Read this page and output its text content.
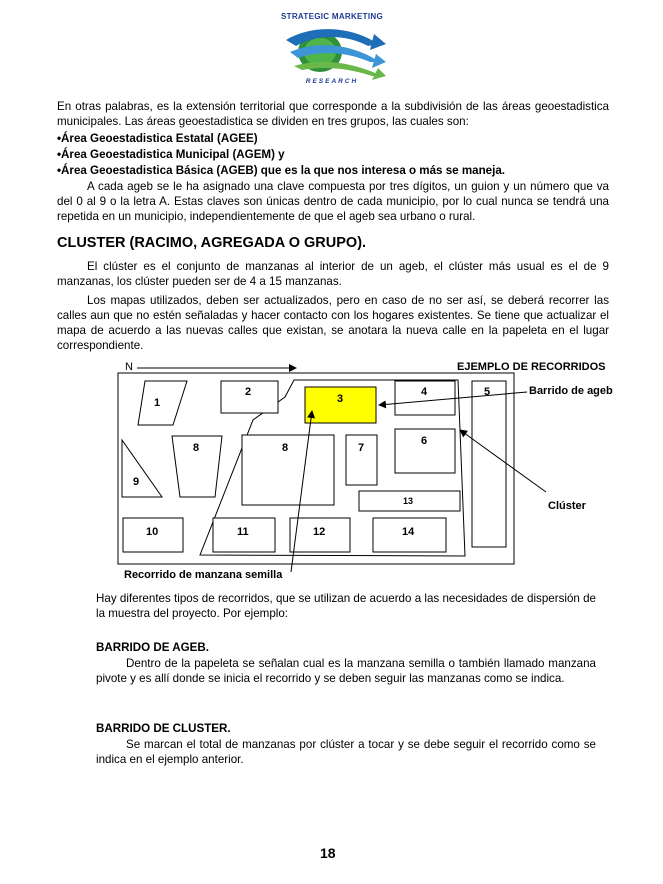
STRATEGIC MARKETING
RESEARCH

En otras palabras, es la extensión territorial que corresponde a la subdivisión de las áreas geoestadistica municipales. Las áreas geoestadistica se dividen en tres grupos, las cuales son:

•Área Geoestadistica Estatal (AGEE)
•Área Geoestadistica Municipal (AGEM) y
•Área Geoestadistica Básica (AGEB) que es la que nos interesa o más se maneja.

A cada ageb se le ha asignado una clave compuesta por tres dígitos, un guion y un número que va del 0 al 9 o la letra A. Estas claves son únicas dentro de cada municipio, por lo cual nunca se tendrá una repetida en un municipio, independientemente de que el ageb sea urbano o rural.

CLUSTER (RACIMO, AGREGADA O GRUPO).

El clúster es el conjunto de manzanas al interior de un ageb, el clúster más usual es el de 9 manzanas, los clúster pueden ser de 4 a 15 manzanas.

Los mapas utilizados, deben ser actualizados, pero en caso de no ser así, se deberá recorrer las calles aun que no estén señaladas y hacer contacto con los hogares existentes. Se tiene que actualizar el mapa de acuerdo a las nuevas calles que existan, se anotara la nueva calle en la papeleta en el lugar correspondiente.

N	EJEMPLO DE RECORRIDOS
Barrido de ageb
Clúster
Recorrido de manzana semilla
1
2
3
4	5
6
7
8	8
9
10	11	12
13
14

Hay diferentes tipos de recorridos, que se utilizan de acuerdo a las necesidades de dispersión de la muestra del proyecto. Por ejemplo:

BARRIDO DE AGEB.

Dentro de la papeleta se señalan cual es la manzana semilla o también llamado manzana pivote y es allí donde se inicia el recorrido y se deben seguir las manzanas como se indica.

BARRIDO DE CLUSTER.

Se marcan el total de manzanas por clúster a tocar y se debe seguir el recorrido como se indica en el ejemplo anterior.

18
